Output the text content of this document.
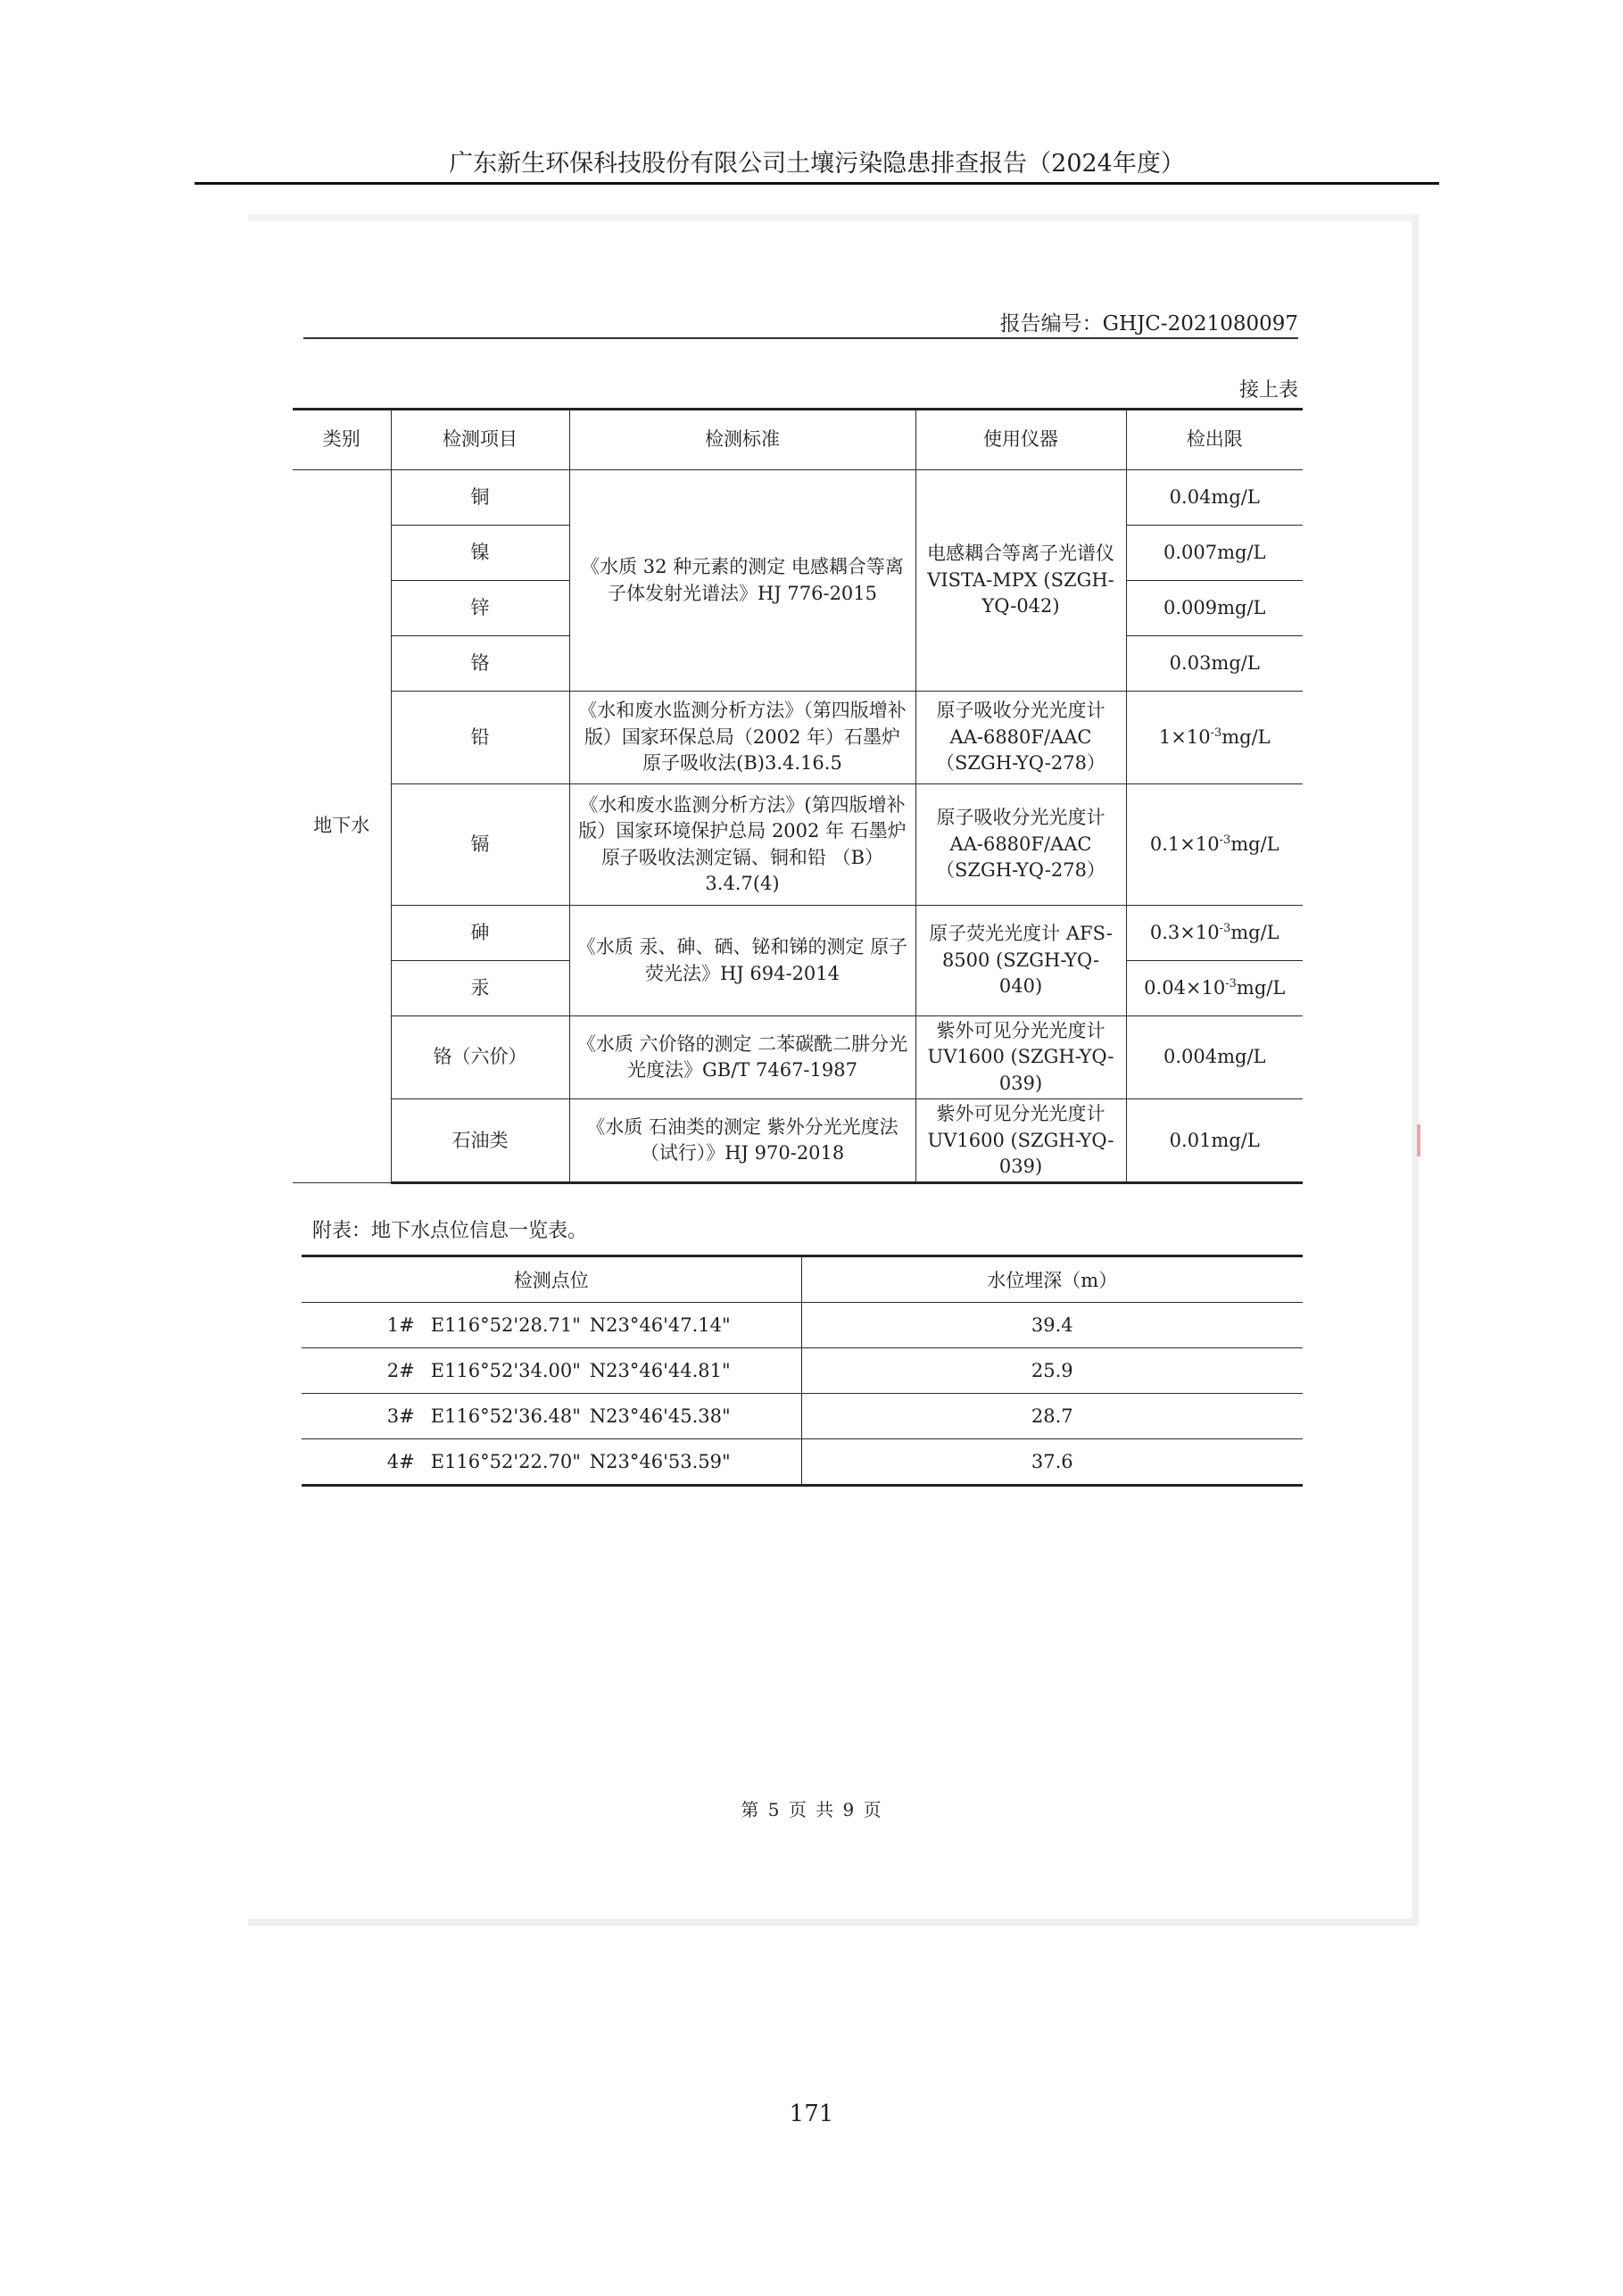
广东新生环保科技股份有限公司土壤污染隐患排查报告（2024年度）
报告编号：GHJC-2021080097
接上表
类别	检测项目	检测标准	使用仪器	检出限
地下水	铜	《水质 32 种元素的测定 电感耦合等离子体发射光谱法》HJ 776-2015	电感耦合等离子光谱仪 VISTA-MPX (SZGH-YQ-042)	0.04mg/L
	镍			0.007mg/L
	锌			0.009mg/L
	铬			0.03mg/L
	铅	《水和废水监测分析方法》（第四版增补版）国家环保总局（2002 年）石墨炉原子吸收法(B)3.4.16.5	原子吸收分光光度计 AA-6880F/AAC （SZGH-YQ-278）	$1\times 10^{-3}mg/L$
	镉	《水和废水监测分析方法》(第四版增补版）国家环境保护总局 2002 年 石墨炉原子吸收法测定镉、铜和铅 （B）3.4.7(4)	原子吸收分光光度计 AA-6880F/AAC （SZGH-YQ-278）	$0.1\times 10^{-3}mg/L$
	砷	《水质 汞、砷、硒、铋和锑的测定 原子荧光法》HJ 694-2014	原子荧光光度计 AFS-8500 (SZGH-YQ-040)	$0.3\times 10^{-3}mg/L$
	汞			$0.04\times 10^{-3}mg/L$
	铬（六价）	《水质 六价铬的测定 二苯碳酰二肼分光光度法》GB/T 7467-1987	紫外可见分光光度计 UV1600 (SZGH-YQ-039)	0.004mg/L
	石油类	《水质 石油类的测定 紫外分光光度法（试行）》HJ 970-2018	紫外可见分光光度计 UV1600 (SZGH-YQ-039)	0.01mg/L
附表：地下水点位信息一览表。
检测点位	水位埋深（m）
1# E116°52'28.71" N23°46'47.14"	39.4
2# E116°52'34.00" N23°46'44.81"	25.9
3# E116°52'36.48" N23°46'45.38"	28.7
4# E116°52'22.70" N23°46'53.59"	37.6
第 5 页 共 9 页
171
